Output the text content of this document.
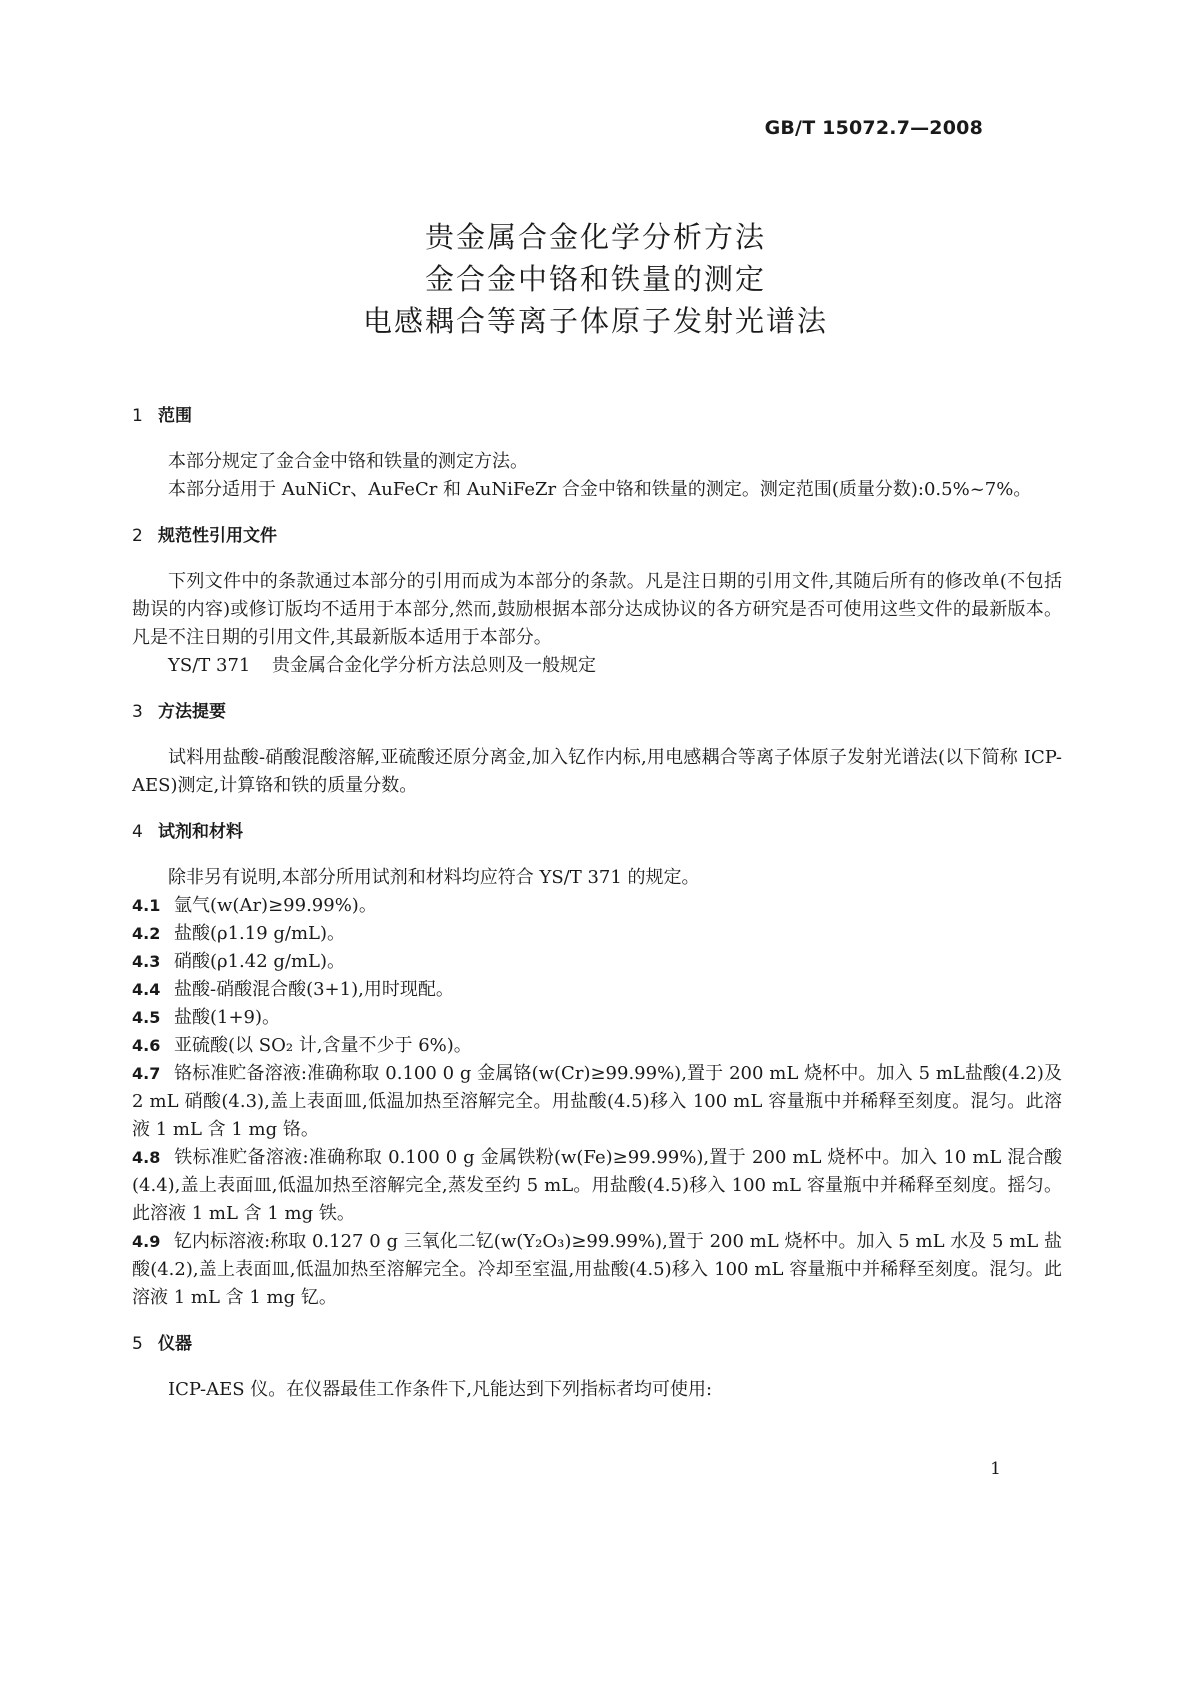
GB/T 15072.7—2008
贵金属合金化学分析方法
金合金中铬和铁量的测定
电感耦合等离子体原子发射光谱法
1 范围

本部分规定了金合金中铬和铁量的测定方法。

本部分适用于 AuNiCr、AuFeCr 和 AuNiFeZr 合金中铬和铁量的测定。测定范围(质量分数):0.5%~7%。

2 规范性引用文件

下列文件中的条款通过本部分的引用而成为本部分的条款。凡是注日期的引用文件,其随后所有的修改单(不包括勘误的内容)或修订版均不适用于本部分,然而,鼓励根据本部分达成协议的各方研究是否可使用这些文件的最新版本。凡是不注日期的引用文件,其最新版本适用于本部分。

YS/T 371 贵金属合金化学分析方法总则及一般规定

3 方法提要

试料用盐酸-硝酸混酸溶解,亚硫酸还原分离金,加入钇作内标,用电感耦合等离子体原子发射光谱法(以下简称 ICP-AES)测定,计算铬和铁的质量分数。

4 试剂和材料

除非另有说明,本部分所用试剂和材料均应符合 YS/T 371 的规定。

4.1 氩气(w(Ar)≥99.99%)。

4.2 盐酸(ρ1.19 g/mL)。

4.3 硝酸(ρ1.42 g/mL)。

4.4 盐酸-硝酸混合酸(3+1),用时现配。

4.5 盐酸(1+9)。

4.6 亚硫酸(以 SO₂ 计,含量不少于 6%)。

4.7 铬标准贮备溶液:准确称取 0.100 0 g 金属铬(w(Cr)≥99.99%),置于 200 mL 烧杯中。加入 5 mL盐酸(4.2)及 2 mL 硝酸(4.3),盖上表面皿,低温加热至溶解完全。用盐酸(4.5)移入 100 mL 容量瓶中并稀释至刻度。混匀。此溶液 1 mL 含 1 mg 铬。

4.8 铁标准贮备溶液:准确称取 0.100 0 g 金属铁粉(w(Fe)≥99.99%),置于 200 mL 烧杯中。加入 10 mL 混合酸(4.4),盖上表面皿,低温加热至溶解完全,蒸发至约 5 mL。用盐酸(4.5)移入 100 mL 容量瓶中并稀释至刻度。摇匀。此溶液 1 mL 含 1 mg 铁。

4.9 钇内标溶液:称取 0.127 0 g 三氧化二钇(w(Y₂O₃)≥99.99%),置于 200 mL 烧杯中。加入 5 mL 水及 5 mL 盐酸(4.2),盖上表面皿,低温加热至溶解完全。冷却至室温,用盐酸(4.5)移入 100 mL 容量瓶中并稀释至刻度。混匀。此溶液 1 mL 含 1 mg 钇。

5 仪器

ICP-AES 仪。在仪器最佳工作条件下,凡能达到下列指标者均可使用:

1
